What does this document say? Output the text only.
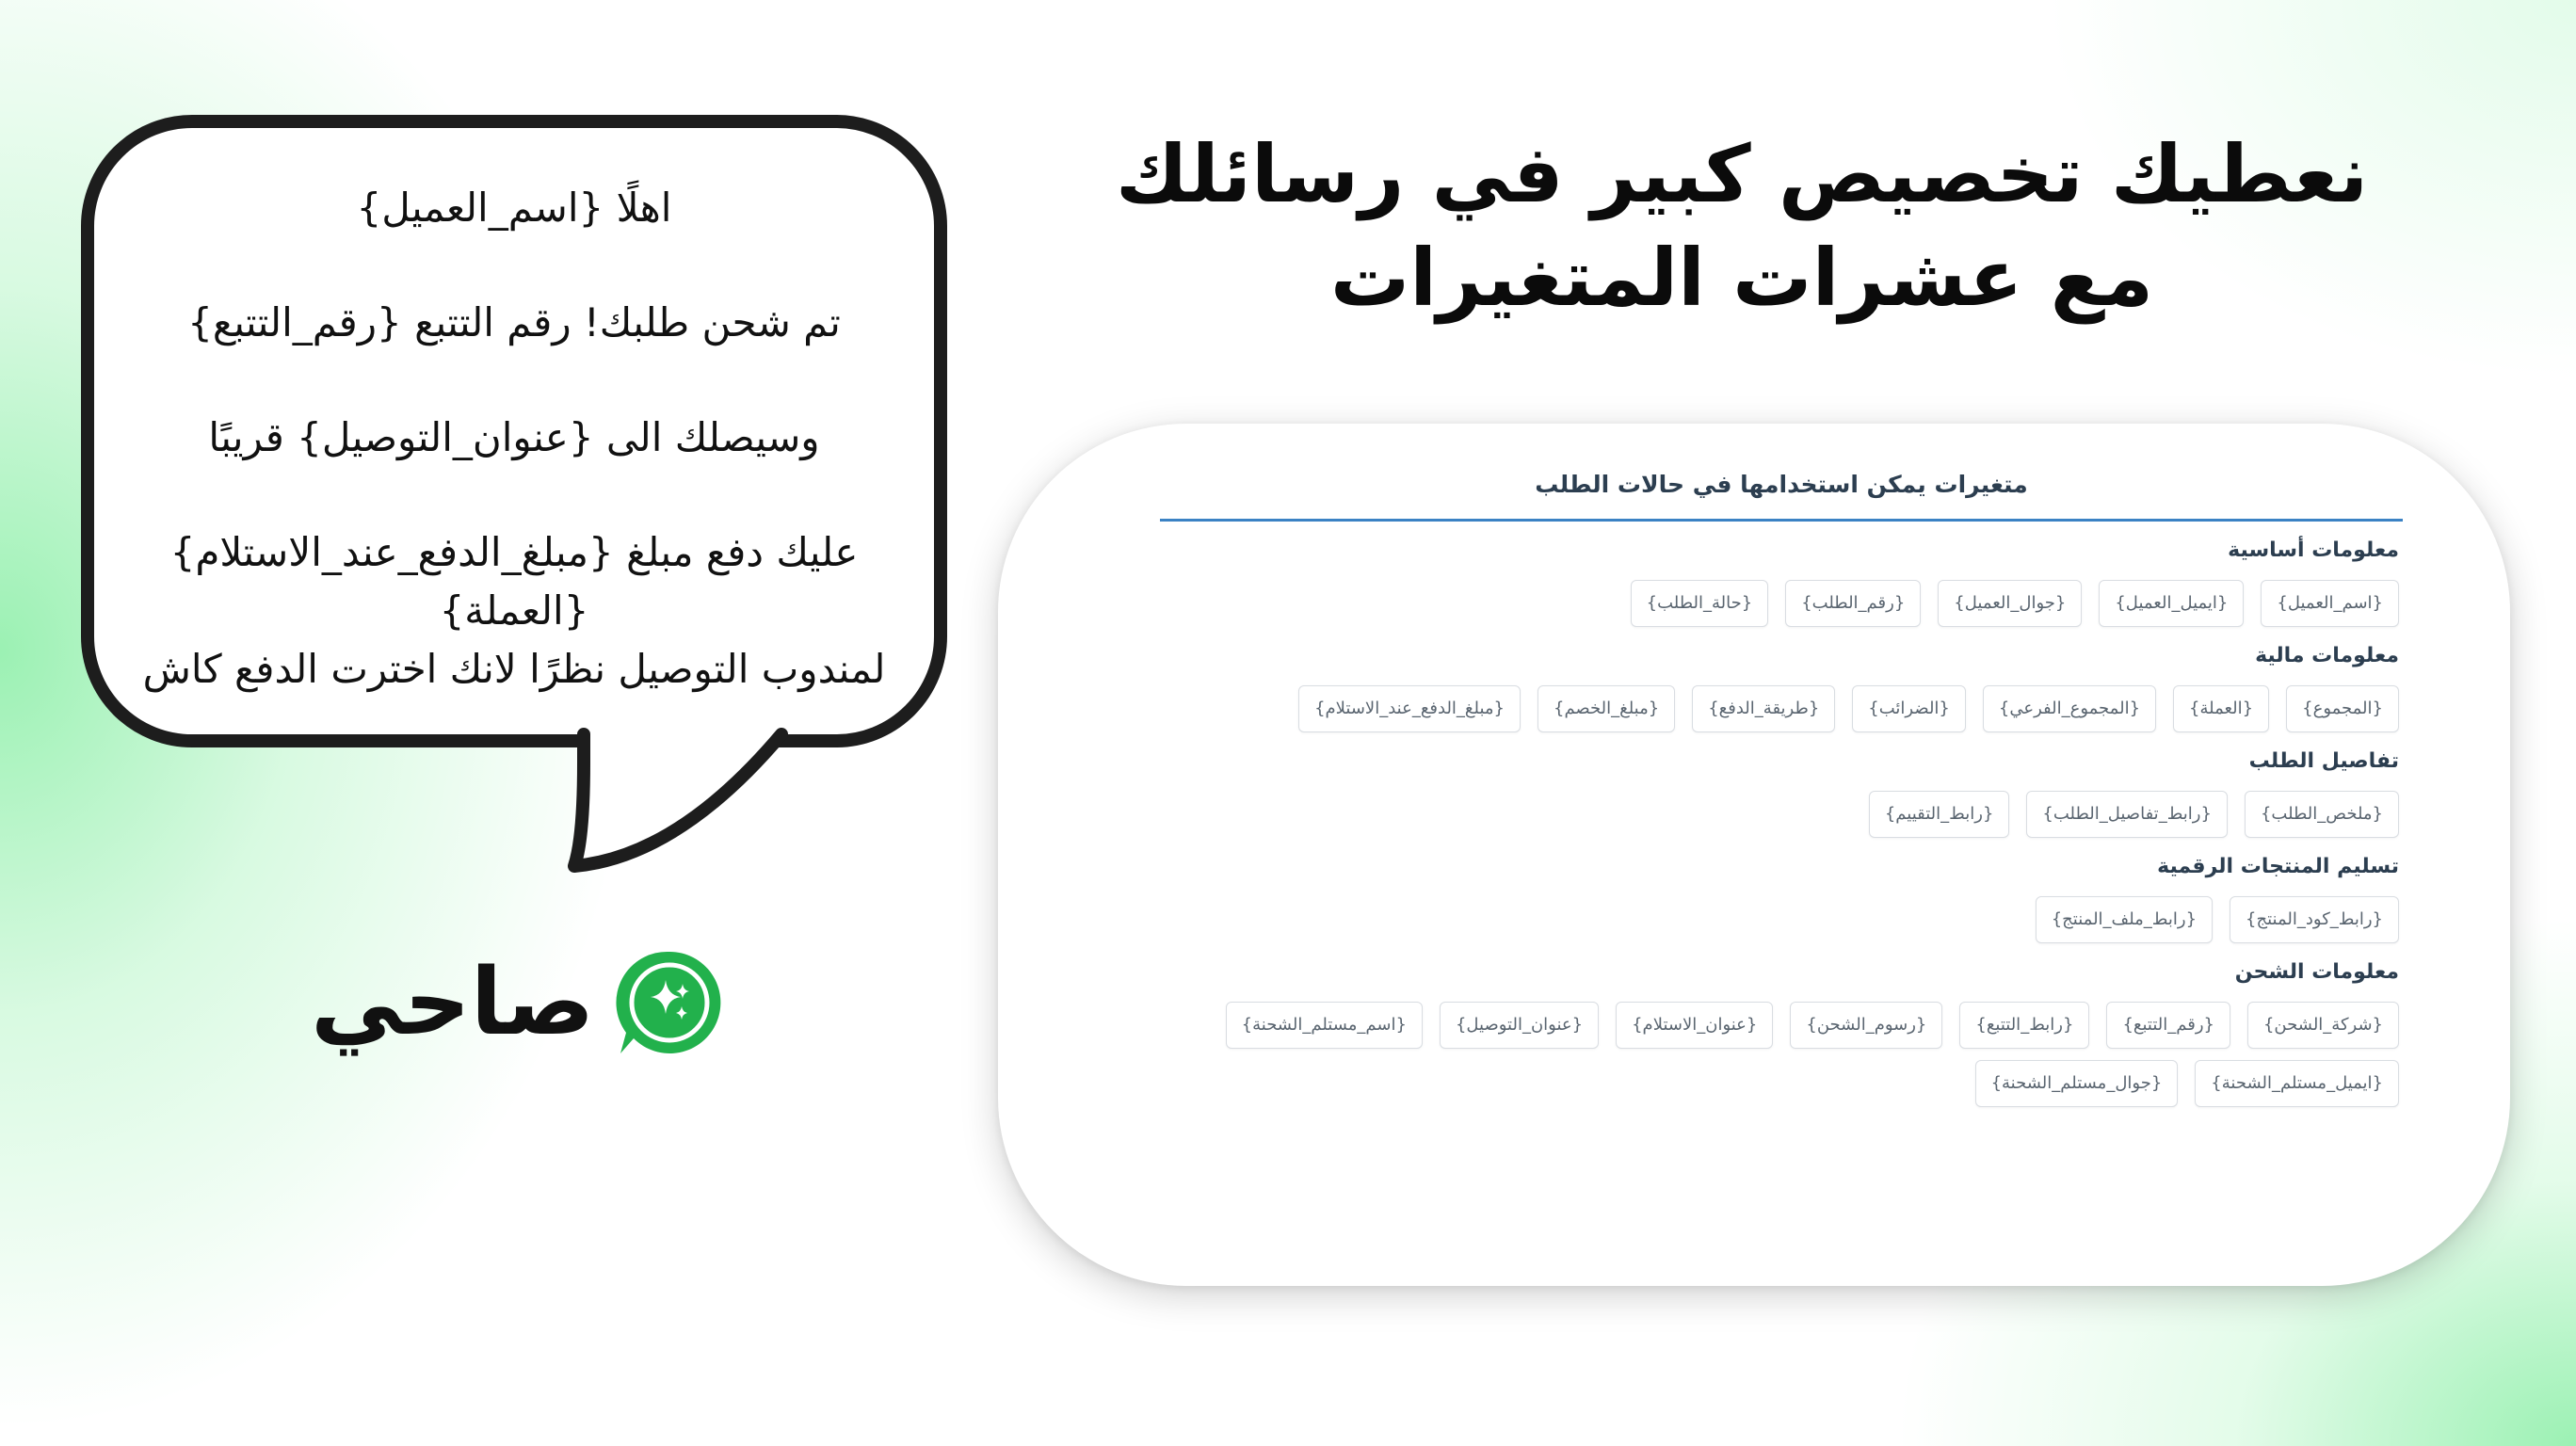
نعطيك تخصيص كبير في رسائلك
مع عشرات المتغيرات
اهلًا {اسم_العميل}
تم شحن طلبك! رقم التتبع {رقم_التتبع}
وسيصلك الى {عنوان_التوصيل} قريبًا
عليك دفع مبلغ {مبلغ_الدفع_عند_الاستلام} {العملة}
لمندوب التوصيل نظرًا لانك اخترت الدفع كاش
صاحي
متغيرات يمكن استخدامها في حالات الطلب
معلومات أساسية
{اسم_العميل}
{ايميل_العميل}
{جوال_العميل}
{رقم_الطلب}
{حالة_الطلب}
معلومات مالية
{المجموع}
{العملة}
{المجموع_الفرعي}
{الضرائب}
{طريقة_الدفع}
{مبلغ_الخصم}
{مبلغ_الدفع_عند_الاستلام}
تفاصيل الطلب
{ملخص_الطلب}
{رابط_تفاصيل_الطلب}
{رابط_التقييم}
تسليم المنتجات الرقمية
{رابط_كود_المنتج}
{رابط_ملف_المنتج}
معلومات الشحن
{شركة_الشحن}
{رقم_التتبع}
{رابط_التتبع}
{رسوم_الشحن}
{عنوان_الاستلام}
{عنوان_التوصيل}
{اسم_مستلم_الشحنة}
{ايميل_مستلم_الشحنة}
{جوال_مستلم_الشحنة}
